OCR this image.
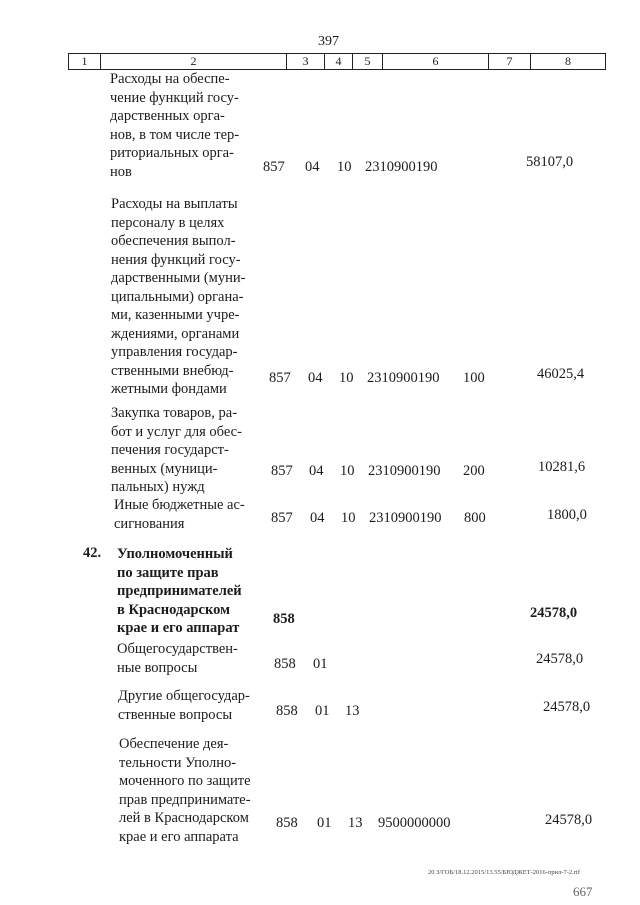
397
1	2	3	4	5	6	7	8
Расходы на обеспе-
чение функций госу-
дарственных орга-
нов, в том числе тер-
риториальных орга-
нов	857 04 10 2310900190	58107,0
Расходы на выплаты
персоналу в целях
обеспечения выпол-
нения функций госу-
дарственными (муни-
ципальными) органа-
ми, казенными учре-
ждениями, органами
управления государ-
ственными внебюд-
жетными фондами
857 04 10 2310900190 100	46025,4
Закупка товаров, ра-
бот и услуг для обес-
печения государст-
венных (муници-
пальных) нужд
857 04 10 2310900190 200	10281,6
Иные бюджетные ас-
сигнования	857 04 10 2310900190 800	1800,0
42. Уполномоченный
по защите прав
предпринимателей
в Краснодарском
крае и его аппарат
858	24578,0
Общегосударствен-
ные вопросы	858 01	24578,0
Другие общегосудар-
ственные вопросы	858 01 13	24578,0
Обеспечение дея-
тельности Уполно-
моченного по защите
прав предпринимате-
лей в Краснодарском
крае и его аппарата
858 01 13 9500000000	24578,0
20 З/ГОБ/18.12.2015/13.55/БЮДЖЕТ-2016-прил-7-2.rtf
667
